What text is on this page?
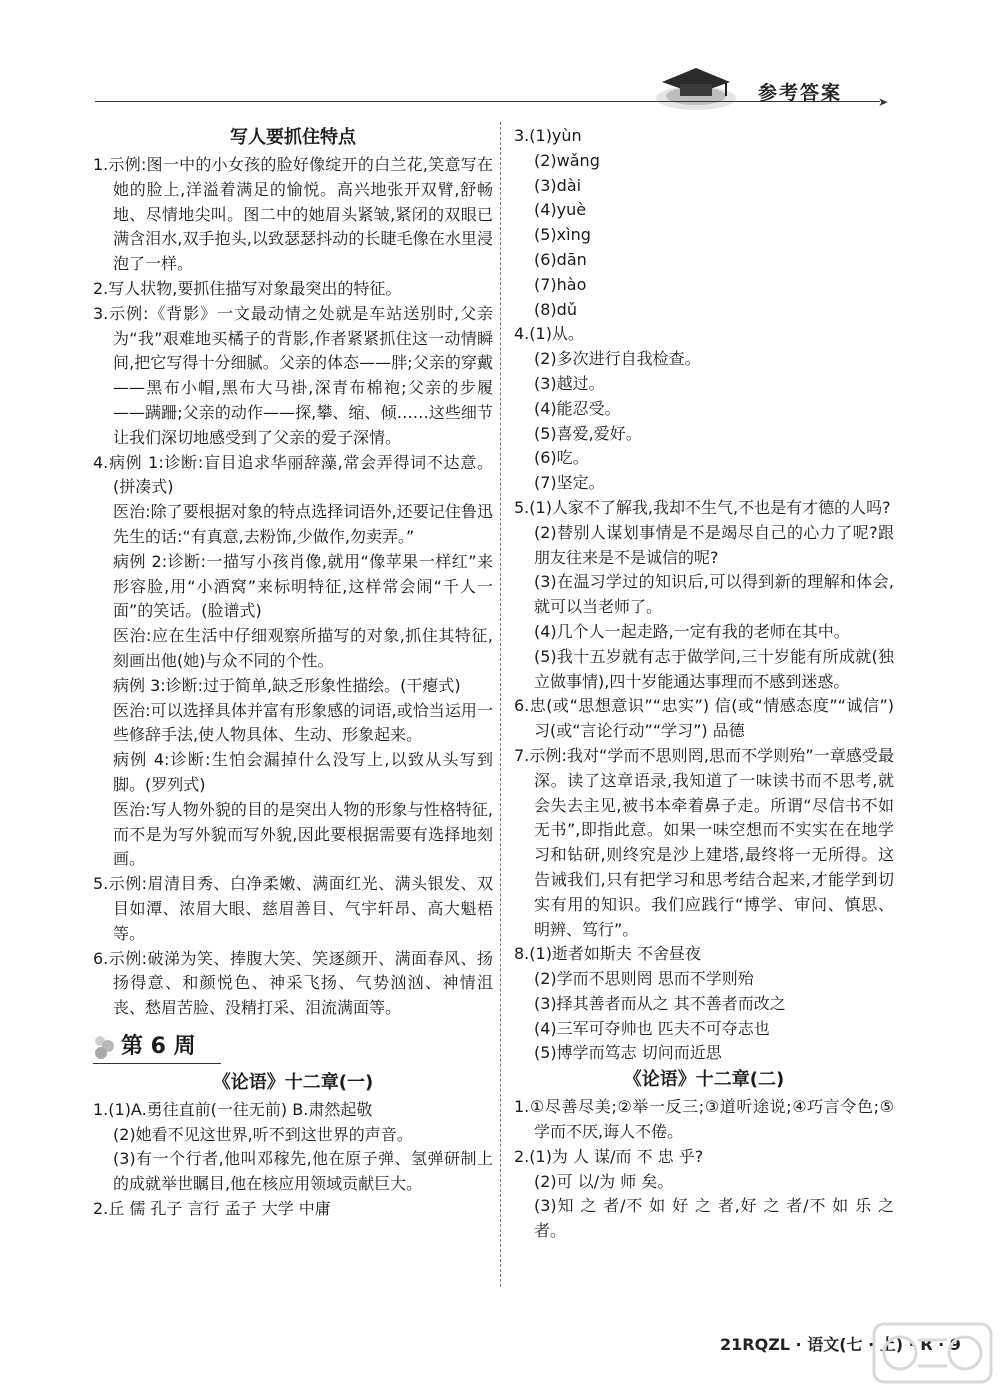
参考答案	➤
写人要抓住特点

1.示例:图一中的小女孩的脸好像绽开的白兰花,笑意写在她的脸上,洋溢着满足的愉悦。高兴地张开双臂,舒畅地、尽情地尖叫。图二中的她眉头紧皱,紧闭的双眼已满含泪水,双手抱头,以致瑟瑟抖动的长睫毛像在水里浸泡了一样。

2.写人状物,要抓住描写对象最突出的特征。

3.示例:《背影》一文最动情之处就是车站送别时,父亲为“我”艰难地买橘子的背影,作者紧紧抓住这一动情瞬间,把它写得十分细腻。父亲的体态——胖;父亲的穿戴——黑布小帽,黑布大马褂,深青布棉袍;父亲的步履——蹒跚;父亲的动作——探,攀、缩、倾……这些细节让我们深切地感受到了父亲的爱子深情。

4.病例 1:诊断:盲目追求华丽辞藻,常会弄得词不达意。(拼凑式)

医治:除了要根据对象的特点选择词语外,还要记住鲁迅先生的话:“有真意,去粉饰,少做作,勿卖弄。”

病例 2:诊断:一描写小孩肖像,就用“像苹果一样红”来形容脸,用“小酒窝”来标明特征,这样常会闹“千人一面”的笑话。(脸谱式)

医治:应在生活中仔细观察所描写的对象,抓住其特征,刻画出他(她)与众不同的个性。

病例 3:诊断:过于简单,缺乏形象性描绘。(干瘪式)

医治:可以选择具体并富有形象感的词语,或恰当运用一些修辞手法,使人物具体、生动、形象起来。

病例 4:诊断:生怕会漏掉什么没写上,以致从头写到脚。(罗列式)

医治:写人物外貌的目的是突出人物的形象与性格特征,而不是为写外貌而写外貌,因此要根据需要有选择地刻画。

5.示例:眉清目秀、白净柔嫩、满面红光、满头银发、双目如潭、浓眉大眼、慈眉善目、气宇轩昂、高大魁梧等。

6.示例:破涕为笑、捧腹大笑、笑逐颜开、满面春风、扬扬得意、和颜悦色、神采飞扬、气势汹汹、神情沮丧、愁眉苦脸、没精打采、泪流满面等。

第 6 周
《论语》十二章(一)

1.(1)A.勇往直前(一往无前) B.肃然起敬

(2)她看不见这世界,听不到这世界的声音。

(3)有一个行者,他叫邓稼先,他在原子弹、氢弹研制上的成就举世瞩目,他在核应用领域贡献巨大。

2.丘 儒 孔子 言行 孟子 大学 中庸

3.(1)yùn

(2)wǎng

(3)dài

(4)yuè

(5)xìng

(6)dān

(7)hào

(8)dǔ

4.(1)从。

(2)多次进行自我检查。

(3)越过。

(4)能忍受。

(5)喜爱,爱好。

(6)吃。

(7)坚定。

5.(1)人家不了解我,我却不生气,不也是有才德的人吗?

(2)替别人谋划事情是不是竭尽自己的心力了呢?跟朋友往来是不是诚信的呢?

(3)在温习学过的知识后,可以得到新的理解和体会,就可以当老师了。

(4)几个人一起走路,一定有我的老师在其中。

(5)我十五岁就有志于做学问,三十岁能有所成就(独立做事情),四十岁能通达事理而不感到迷惑。

6.忠(或“思想意识”“忠实”) 信(或“情感态度”“诚信”) 习(或“言论行动”“学习”) 品德

7.示例:我对“学而不思则罔,思而不学则殆”一章感受最深。读了这章语录,我知道了一味读书而不思考,就会失去主见,被书本牵着鼻子走。所谓“尽信书不如无书”,即指此意。如果一味空想而不实实在在地学习和钻研,则终究是沙上建塔,最终将一无所得。这告诫我们,只有把学习和思考结合起来,才能学到切实有用的知识。我们应践行“博学、审问、慎思、明辨、笃行”。

8.(1)逝者如斯夫 不舍昼夜

(2)学而不思则罔 思而不学则殆

(3)择其善者而从之 其不善者而改之

(4)三军可夺帅也 匹夫不可夺志也

(5)博学而笃志 切问而近思

《论语》十二章(二)

1.①尽善尽美;②举一反三;③道听途说;④巧言令色;⑤学而不厌,诲人不倦。

2.(1)为 人 谋/而 不 忠 乎?

(2)可 以/为 师 矣。

(3)知 之 者/不 如 好 之 者,好 之 者/不 如 乐 之 者。

21RQZL · 语文(七 · 上) · R · 9
